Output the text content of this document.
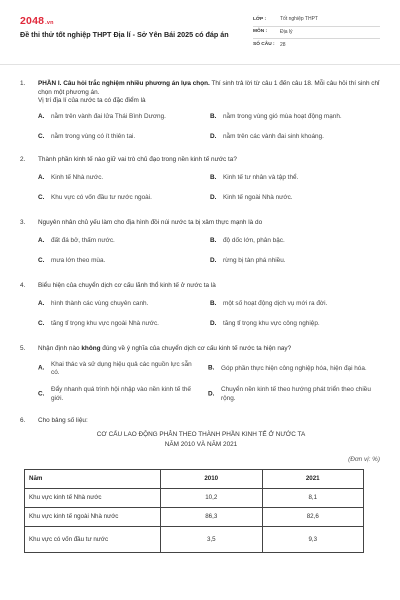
2048.vn
Đề thi thử tốt nghiệp THPT Địa lí - Sở Yên Bái 2025 có đáp án
LỚP :	Tốt nghiệp THPT
MÔN :	Địa lý
SỐ CÂU :	28
1.	PHẦN I. Câu hỏi trắc nghiệm nhiều phương án lựa chọn. Thí sinh trả lời từ câu 1 đến câu 18. Mỗi câu hỏi thí sinh chỉ chọn một phương án.
Vị trí địa lí của nước ta có đặc điểm là
A. nằm trên vành đai lửa Thái Bình Dương.	B. nằm trong vùng gió mùa hoạt động mạnh.
C. nằm trong vùng có ít thiên tai.	D. nằm trên các vành đai sinh khoáng.
2.	Thành phần kinh tế nào giữ vai trò chủ đạo trong nền kinh tế nước ta?
A. Kinh tế Nhà nước.	B. Kinh tế tư nhân và tập thể.
C. Khu vực có vốn đầu tư nước ngoài.	D. Kinh tế ngoài Nhà nước.
3.	Nguyên nhân chủ yếu làm cho địa hình đồi núi nước ta bị xâm thực mạnh là do
A. đất đá bở, thấm nước.	B. độ dốc lớn, phân bậc.
C. mưa lớn theo mùa.	D. rừng bị tàn phá nhiều.
4.	Biểu hiện của chuyển dịch cơ cấu lãnh thổ kinh tế ở nước ta là
A. hình thành các vùng chuyên canh.	B. một số hoạt động dịch vụ mới ra đời.
C. tăng tỉ trọng khu vực ngoài Nhà nước.	D. tăng tỉ trọng khu vực công nghiệp.
5.	Nhận định nào không đúng về ý nghĩa của chuyển dịch cơ cấu kinh tế nước ta hiện nay?
A.
Khai thác và sử dụng hiệu quả các nguồn lực sẵn có.
B. Góp phần thực hiện công nghiệp hóa, hiện đại hóa.
C.
Đẩy nhanh quá trình hội nhập vào nền kinh tế thế giới.
D.
Chuyển nền kinh tế theo hướng phát triển theo chiều rộng.
6.	Cho bảng số liệu:
CƠ CẤU LAO ĐỘNG PHÂN THEO THÀNH PHẦN KINH TẾ Ở NƯỚC TA
NĂM 2010 VÀ NĂM 2021
(Đơn vị: %)
Năm	2010	2021
Khu vực kinh tế Nhà nước	10,2	8,1
Khu vực kinh tế ngoài Nhà nước	86,3	82,6
Khu vực có vốn đầu tư nước	3,5	9,3
